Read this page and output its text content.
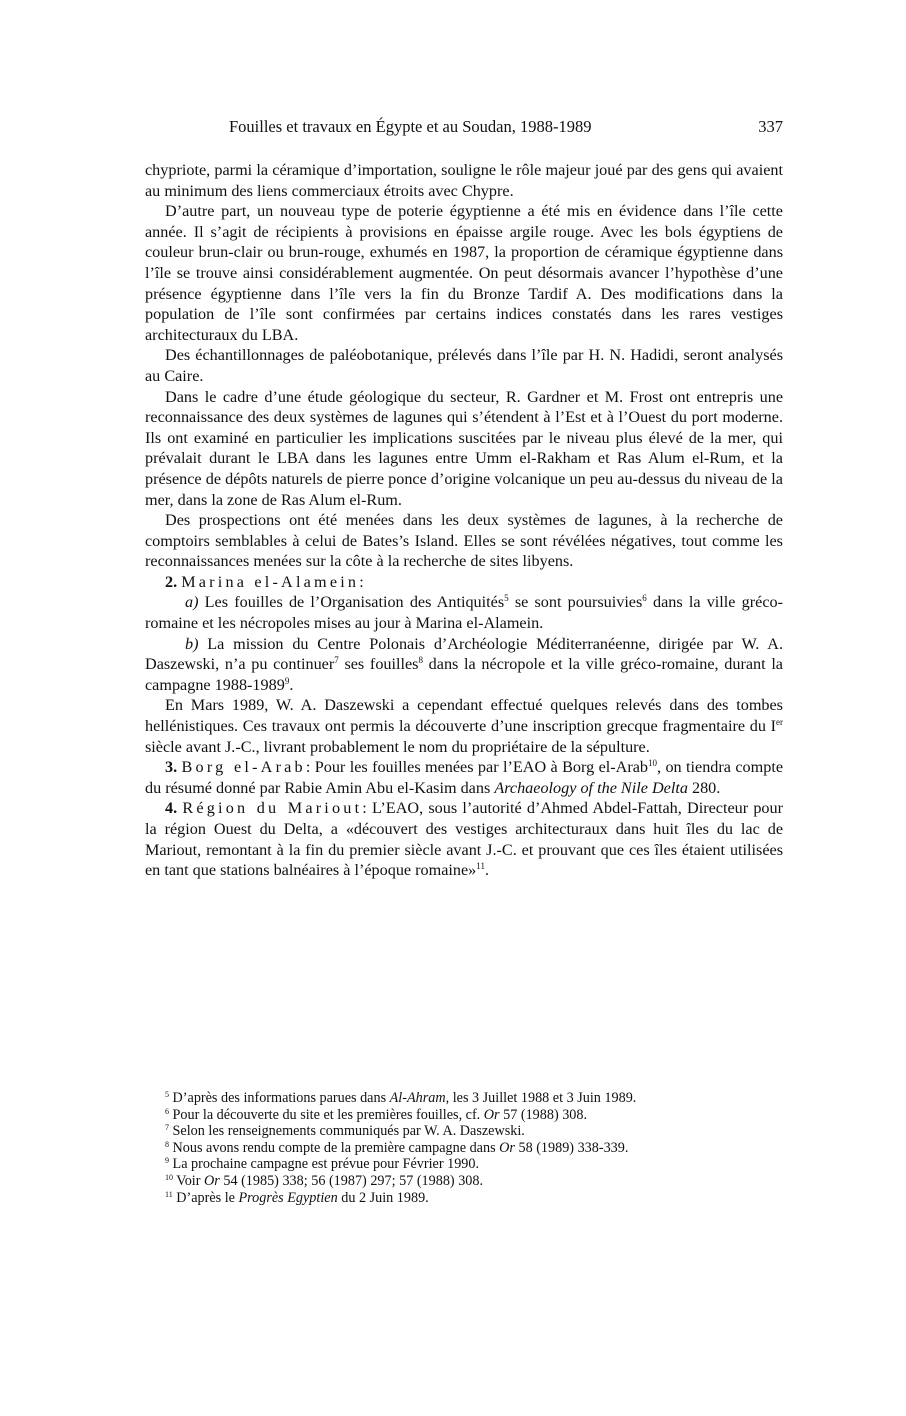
Fouilles et travaux en Égypte et au Soudan, 1988-1989	337

chypriote, parmi la céramique d’importation, souligne le rôle majeur joué par des gens qui avaient au minimum des liens commerciaux étroits avec Chypre.

D’autre part, un nouveau type de poterie égyptienne a été mis en évidence dans l’île cette année. Il s’agit de récipients à provisions en épaisse argile rouge. Avec les bols égyptiens de couleur brun-clair ou brun-rouge, exhumés en 1987, la proportion de céramique égyptienne dans l’île se trouve ainsi considérablement augmentée. On peut désormais avancer l’hypothèse d’une présence égyptienne dans l’île vers la fin du Bronze Tardif A. Des modifications dans la population de l’île sont confirmées par certains indices constatés dans les rares vestiges architecturaux du LBA.

Des échantillonnages de paléobotanique, prélevés dans l’île par H. N. Hadidi, seront analysés au Caire.

Dans le cadre d’une étude géologique du secteur, R. Gardner et M. Frost ont entrepris une reconnaissance des deux systèmes de lagunes qui s’étendent à l’Est et à l’Ouest du port moderne. Ils ont examiné en particulier les implications suscitées par le niveau plus élevé de la mer, qui prévalait durant le LBA dans les lagunes entre Umm el-Rakham et Ras Alum el-Rum, et la présence de dépôts naturels de pierre ponce d’origine volcanique un peu au-dessus du niveau de la mer, dans la zone de Ras Alum el-Rum.

Des prospections ont été menées dans les deux systèmes de lagunes, à la recherche de comptoirs semblables à celui de Bates’s Island. Elles se sont révélées négatives, tout comme les reconnaissances menées sur la côte à la recherche de sites libyens.

2. Marina el-Alamein:

a) Les fouilles de l’Organisation des Antiquités$^5$ se sont poursuivies$^6$ dans la ville gréco-romaine et les nécropoles mises au jour à Marina el-Alamein.

b) La mission du Centre Polonais d’Archéologie Méditerranéenne, dirigée par W. A. Daszewski, n’a pu continuer$^7$ ses fouilles$^8$ dans la nécropole et la ville gréco-romaine, durant la campagne 1988-1989$^9$.

En Mars 1989, W. A. Daszewski a cependant effectué quelques relevés dans des tombes hellénistiques. Ces travaux ont permis la découverte d’une inscription grecque fragmentaire du Ier siècle avant J.-C., livrant probablement le nom du propriétaire de la sépulture.

3. Borg el-Arab: Pour les fouilles menées par l’EAO à Borg el-Arab$^{10}$, on tiendra compte du résumé donné par Rabie Amin Abu el-Kasim dans Archaeology of the Nile Delta 280.

4. Région du Mariout: L’EAO, sous l’autorité d’Ahmed Abdel-Fattah, Directeur pour la région Ouest du Delta, a «découvert des vestiges architecturaux dans huit îles du lac de Mariout, remontant à la fin du premier siècle avant J.-C. et prouvant que ces îles étaient utilisées en tant que stations balnéaires à l’époque romaine»$^{11}$.

$^5$ D’après des informations parues dans Al-Ahram, les 3 Juillet 1988 et 3 Juin 1989.

$^6$ Pour la découverte du site et les premières fouilles, cf. Or 57 (1988) 308.

$^7$ Selon les renseignements communiqués par W. A. Daszewski.

$^8$ Nous avons rendu compte de la première campagne dans Or 58 (1989) 338-339.

$^9$ La prochaine campagne est prévue pour Février 1990.

$^{10}$ Voir Or 54 (1985) 338; 56 (1987) 297; 57 (1988) 308.

$^{11}$ D’après le Progrès Egyptien du 2 Juin 1989.
